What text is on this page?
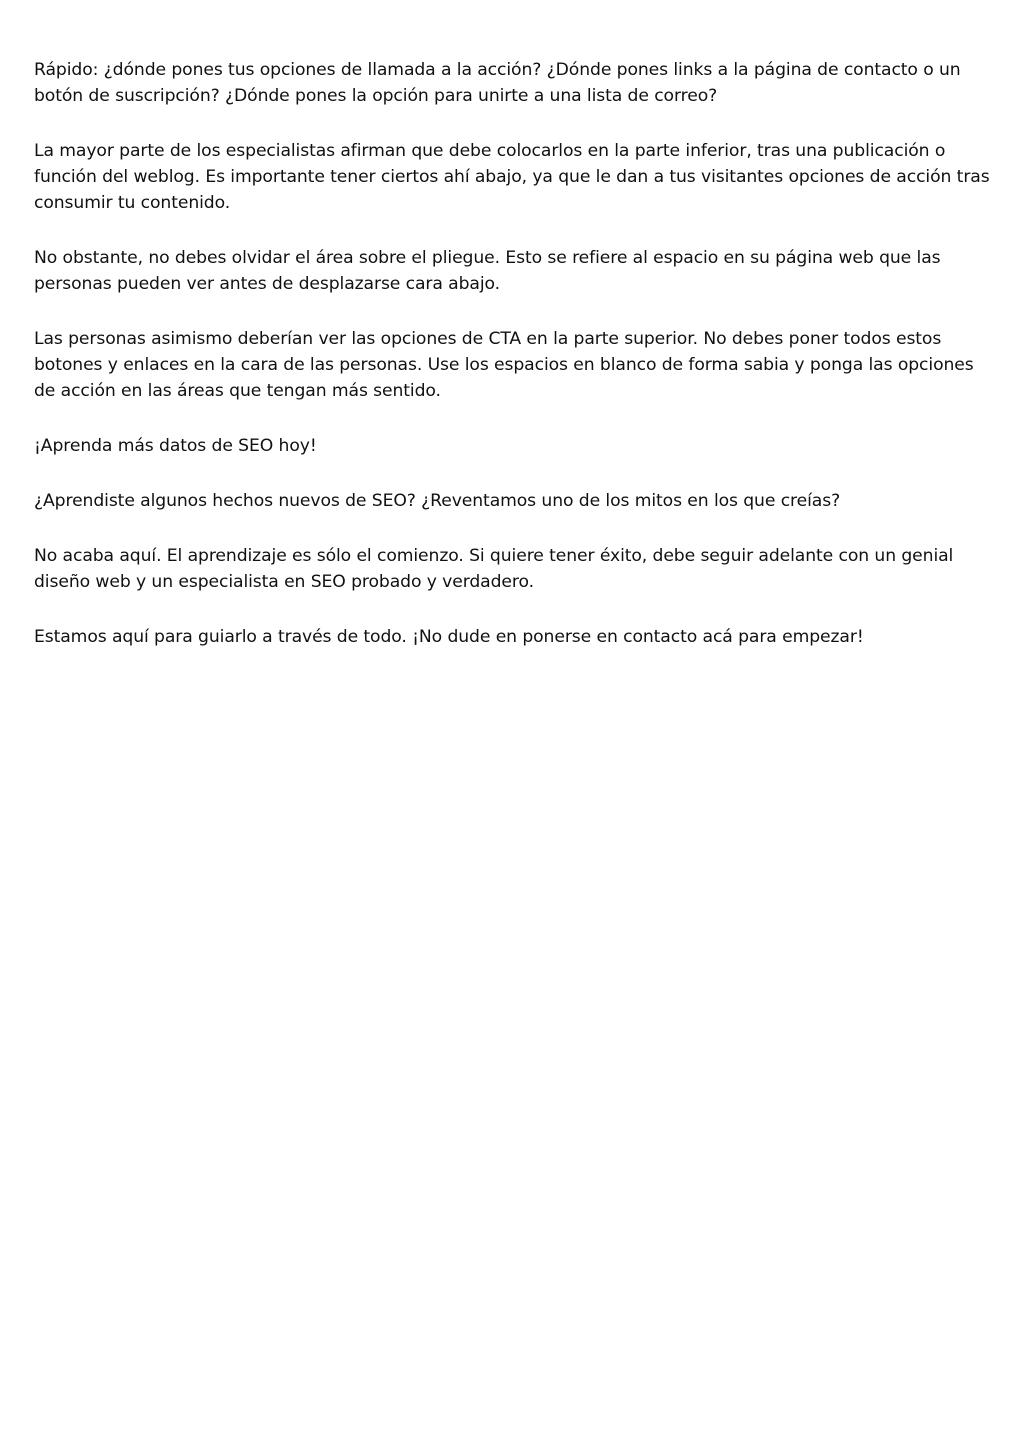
Rápido: ¿dónde pones tus opciones de llamada a la acción? ¿Dónde pones links a la página de contacto o un botón de suscripción? ¿Dónde pones la opción para unirte a una lista de correo?

La mayor parte de los especialistas afirman que debe colocarlos en la parte inferior, tras una publicación o función del weblog. Es importante tener ciertos ahí abajo, ya que le dan a tus visitantes opciones de acción tras consumir tu contenido.

No obstante, no debes olvidar el área sobre el pliegue. Esto se refiere al espacio en su página web que las personas pueden ver antes de desplazarse cara abajo.

Las personas asimismo deberían ver las opciones de CTA en la parte superior. No debes poner todos estos botones y enlaces en la cara de las personas. Use los espacios en blanco de forma sabia y ponga las opciones de acción en las áreas que tengan más sentido.

¡Aprenda más datos de SEO hoy!

¿Aprendiste algunos hechos nuevos de SEO? ¿Reventamos uno de los mitos en los que creías?

No acaba aquí. El aprendizaje es sólo el comienzo. Si quiere tener éxito, debe seguir adelante con un genial diseño web y un especialista en SEO probado y verdadero.

Estamos aquí para guiarlo a través de todo. ¡No dude en ponerse en contacto acá para empezar!
